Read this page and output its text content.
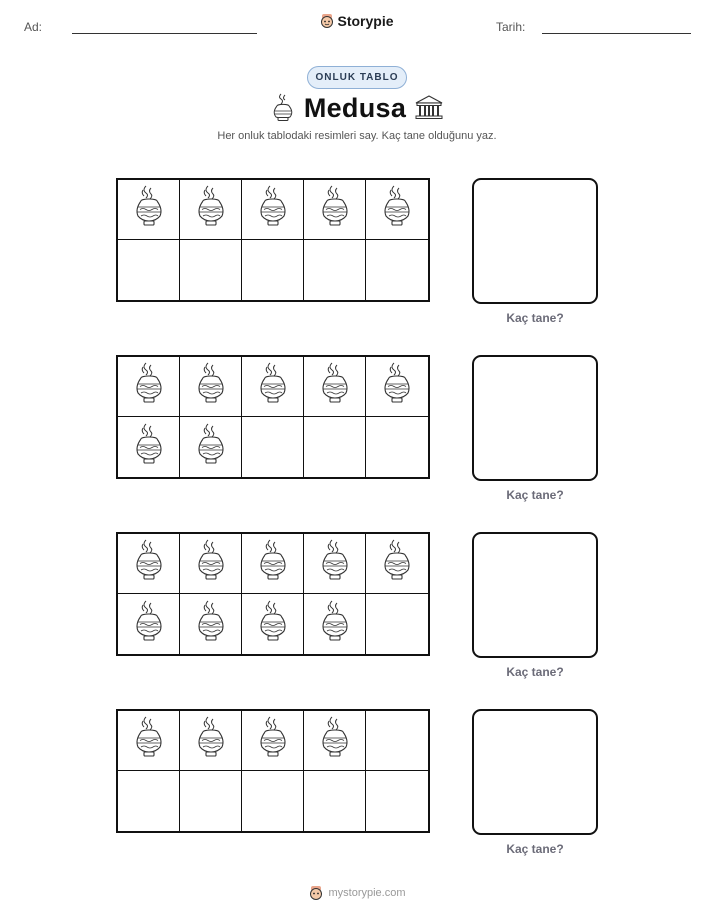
Ad:	Storypie	Tarih:
ONLUK TABLO
Medusa
Her onluk tablodaki resimleri say. Kaç tane olduğunu yaz.
Kaç tane?
Kaç tane?
Kaç tane?
Kaç tane?
mystorypie.com
